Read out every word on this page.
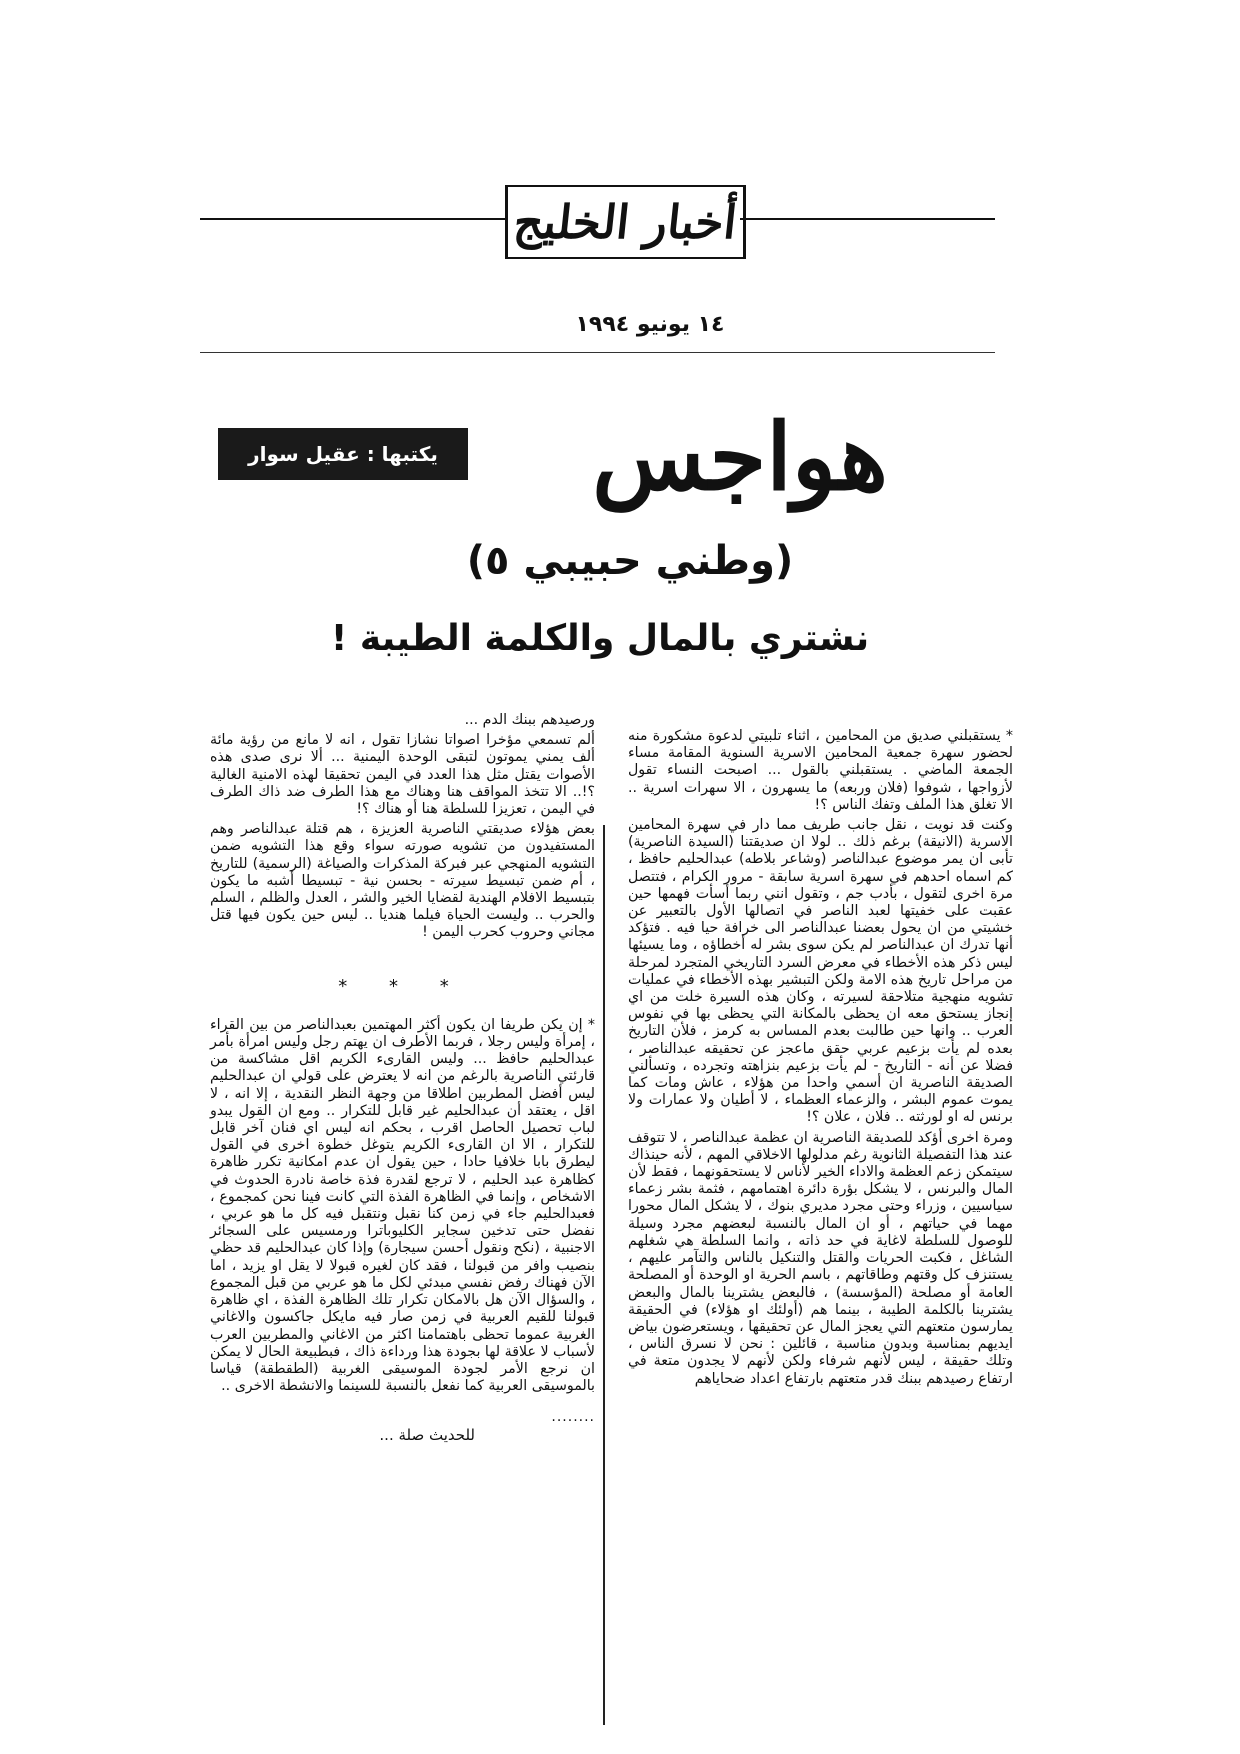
أخبار الخليج
١٤ يونيو ١٩٩٤
يكتبها : عقيل سوار	هواجس
(وطني حبيبي ٥)
نشتري بالمال والكلمة الطيبة !

* يستقبلني صديق من المحامين ، اثناء تلبيتي لدعوة مشكورة منه لحضور سهرة جمعية المحامين الاسرية السنوية المقامة مساء الجمعة الماضي . يستقبلني بالقول ... اصبحت النساء تقول لأزواجها ، شوفوا (فلان وربعه) ما يسهرون ، الا سهرات اسرية .. الا تغلق هذا الملف وتفك الناس ؟!

وكنت قد نويت ، نقل جانب طريف مما دار في سهرة المحامين الاسرية (الانيقة) برغم ذلك .. لولا ان صديقتنا (السيدة الناصرية) تأبى ان يمر موضوع عبدالناصر (وشاعر بلاطه) عبدالحليم حافظ ، كم اسماه احدهم في سهرة اسرية سابقة - مرور الكرام ، فتتصل مرة اخرى لتقول ، بأدب جم ، وتقول انني ربما أسأت فهمها حين عقبت على خفيتها لعبد الناصر في اتصالها الأول بالتعبير عن خشيتي من ان يحول بعضنا عبدالناصر الى خرافة حيا فيه . فتؤكد أنها تدرك ان عبدالناصر لم يكن سوى بشر له أخطاؤه ، وما يسيئها ليس ذكر هذه الأخطاء في معرض السرد التاريخي المتجرد لمرحلة من مراحل تاريخ هذه الامة ولكن التبشير بهذه الأخطاء في عمليات تشويه منهجية متلاحقة لسيرته ، وكان هذه السيرة خلت من اي إنجاز يستحق معه ان يحظى بالمكانة التي يحظى بها في نفوس العرب .. وانها حين طالبت بعدم المساس به كرمز ، فلأن التاريخ بعده لم يأت بزعيم عربي حقق ماعجز عن تحقيقه عبدالناصر ، فضلا عن أنه - التاريخ - لم يأت بزعيم بنزاهته وتجرده ، وتسألني الصديقة الناصرية ان أسمي واحدا من هؤلاء ، عاش ومات كما يموت عموم البشر ، والزعماء العظماء ، لا أطيان ولا عمارات ولا برنس له او لورثته .. فلان ، علان ؟!

ومرة اخرى أؤكد للصديقة الناصرية ان عظمة عبدالناصر ، لا تتوقف عند هذا التفصيلة الثانوية رغم مدلولها الاخلاقي المهم ، لأنه حينذاك سيتمكن زعم العظمة والاداء الخير لأناس لا يستحقونهما ، فقط لأن المال والبرنس ، لا يشكل بؤرة دائرة اهتمامهم ، فثمة بشر زعماء سياسيين ، وزراء وحتى مجرد مديري بنوك ، لا يشكل المال محورا مهما في حياتهم ، أو ان المال بالنسبة لبعضهم مجرد وسيلة للوصول للسلطة لاغاية في حد ذاته ، وانما السلطة هي شغلهم الشاغل ، فكبت الحريات والقتل والتنكيل بالناس والتآمر عليهم ، يستنزف كل وقتهم وطاقاتهم ، باسم الحرية او الوحدة أو المصلحة العامة أو مصلحة (المؤسسة) ، فالبعض يشترينا بالمال والبعض يشترينا بالكلمة الطيبة ، بينما هم (أولئك او هؤلاء) في الحقيقة يمارسون متعتهم التي يعجز المال عن تحقيقها ، ويستعرضون بياض ايديهم بمناسبة وبدون مناسبة ، قائلين : نحن لا نسرق الناس ، وتلك حقيقة ، ليس لأنهم شرفاء ولكن لأنهم لا يجدون متعة في ارتفاع رصيدهم ببنك قدر متعتهم بارتفاع اعداد ضحاياهم

ورصيدهم ببنك الدم ...

ألم تسمعي مؤخرا اصواتا نشازا تقول ، انه لا مانع من رؤية مائة ألف يمني يموتون لتبقى الوحدة اليمنية ... ألا نرى صدى هذه الأصوات يقتل مثل هذا العدد في اليمن تحقيقا لهذه الامنية الغالية ؟!.. الا تتخذ المواقف هنا وهناك مع هذا الطرف ضد ذاك الطرف في اليمن ، تعزيزا للسلطة هنا أو هناك ؟!

بعض هؤلاء صديقتي الناصرية العزيزة ، هم قتلة عبدالناصر وهم المستفيدون من تشويه صورته سواء وقع هذا التشويه ضمن التشويه المنهجي عبر فبركة المذكرات والصياغة (الرسمية) للتاريخ ، أم ضمن تبسيط سيرته - بحسن نية - تبسيطا أشبه ما يكون بتبسيط الافلام الهندية لقضايا الخير والشر ، العدل والظلم ، السلم والحرب .. وليست الحياة فيلما هنديا .. ليس حين يكون فيها قتل مجاني وحروب كحرب اليمن !

* * *

* إن يكن طريفا ان يكون أكثر المهتمين بعبدالناصر من بين القراء ، إمرأة وليس رجلا ، فربما الأطرف ان يهتم رجل وليس امرأة بأمر عبدالحليم حافظ ... وليس القارىء الكريم اقل مشاكسة من قارئتي الناصرية بالرغم من انه لا يعترض على قولي ان عبدالحليم ليس أفضل المطربين اطلاقا من وجهة النظر النقدية ، إلا انه ، لا اقل ، يعتقد أن عبدالحليم غير قابل للتكرار .. ومع ان القول يبدو لباب تحصيل الحاصل اقرب ، بحكم انه ليس اي فنان آخر قابل للتكرار ، الا ان القارىء الكريم يتوغل خطوة اخرى في القول ليطرق بابا خلافيا حادا ، حين يقول ان عدم امكانية تكرر ظاهرة كظاهرة عبد الحليم ، لا ترجع لقدرة فذة خاصة نادرة الحدوث في الاشخاص ، وإنما في الظاهرة الفذة التي كانت فينا نحن كمجموع ، فعبدالحليم جاء في زمن كنا نقبل ونتقبل فيه كل ما هو عربي ، نفضل حتى تدخين سجاير الكليوباترا ورمسيس على السجائر الاجنبية ، (نكح ونقول أحسن سيجارة) وإذا كان عبدالحليم قد حظي بنصيب وافر من قبولنا ، فقد كان لغيره قبولا لا يقل او يزيد ، اما الآن فهناك رفض نفسي مبدئي لكل ما هو عربي من قبل المجموع ، والسؤال الآن هل بالامكان تكرار تلك الظاهرة الفذة ، اي ظاهرة قبولنا للقيم العربية في زمن صار فيه مايكل جاكسون والاغاني الغربية عموما تحظى باهتمامنا اكثر من الاغاني والمطربين العرب لأسباب لا علاقة لها بجودة هذا ورداءة ذاك ، فبطبيعة الحال لا يمكن ان نرجع الأمر لجودة الموسيقى الغربية (الطقطقة) قياسا بالموسيقى العربية كما نفعل بالنسبة للسينما والانشطة الاخرى ..

........
للحديث صلة ...
